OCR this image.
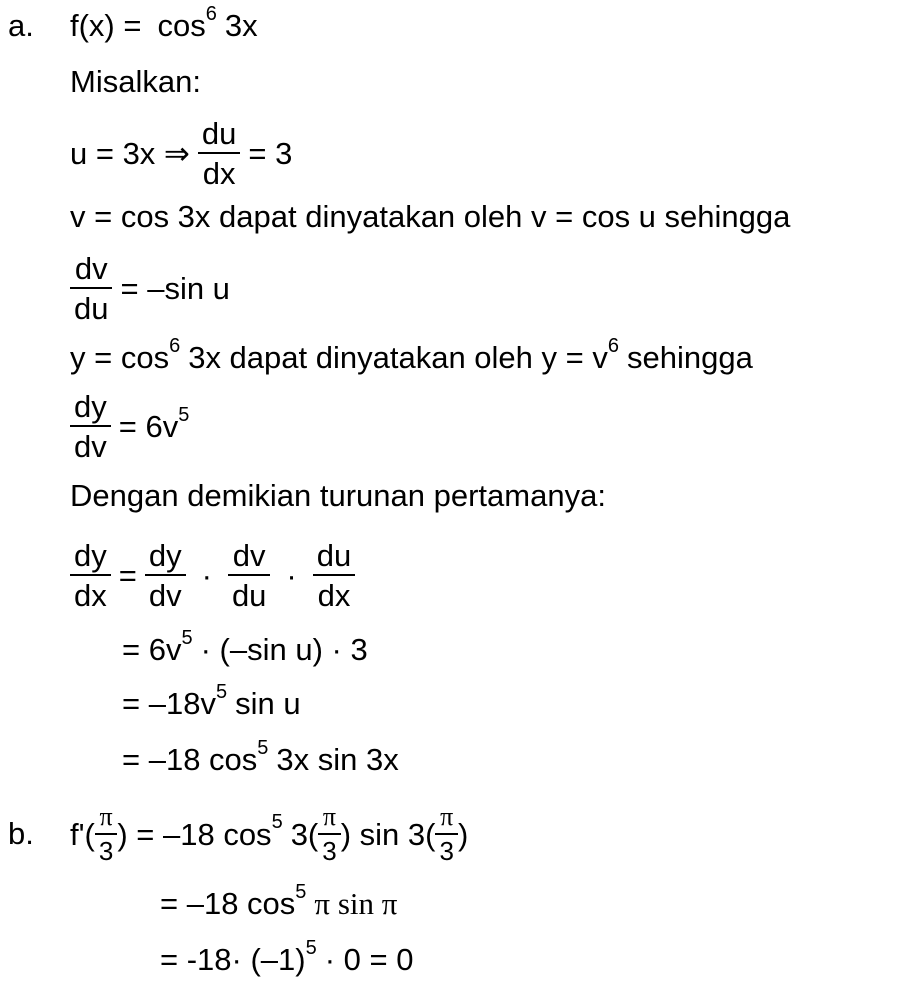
a. $f(x) = \cos^6 3x$
Misalkan:
u = 3x ⇒ $\frac{du}{dx} = 3$
v = cos 3x dapat dinyatakan oleh v = cos u sehingga
$\frac{dv}{du} = -\sin$ u
$y = \cos^6 3x$ dapat dinyatakan oleh $y = v^6$ sehingga
$\frac{dy}{dv} = 6v^5$
Dengan demikian turunan pertamanya:
$\frac{dy}{dx} = \frac{dy}{dv} \cdot \frac{dv}{du} \cdot \frac{du}{dx}$
= $6v^5 \cdot (-\sin$ u) · 3
= $-18v^5$ sin u
= –18 $\cos^5 3x$ sin 3x
b. $f'( \frac{\pi}{3}$ ) = –18 $\cos^5 3( \frac{\pi}{3}$ ) $\sin 3( \frac{\pi}{3}$ )
= –18 $\cos^5 \pi$ sin π
= $-18\cdot (-1)^5 \cdot 0 = 0$
